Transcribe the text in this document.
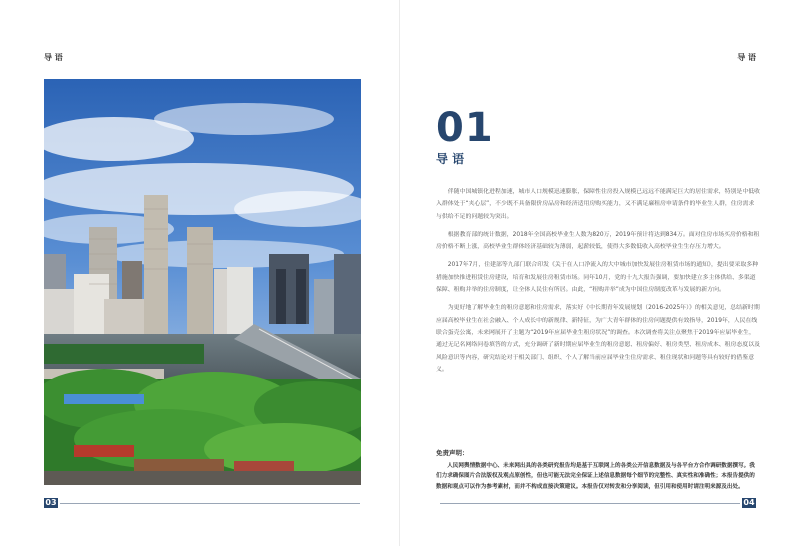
导 语
03
导 语
01
导 语

伴随中国城镇化进程加速，城市人口规模迅速膨胀，保障性住房投入规模已远远不能满足巨大的居住需求，特别是中低收入群体处于“夹心层”，不少既不具备限价房品房和经济适用房购买能力，又不满足廉租房申请条件的毕业生人群，住房需求与供给不足的问题较为突出。

根据教育部的统计数据，2018年全国高校毕业生人数为820万，2019年预计将达到834万。面对住房市场买房价格和租房价格不断上涨，高校毕业生群体经济基础较为薄弱，起薪较低，使得大多数低收入高校毕业生生存压力增大。

2017年7月，住建部等九部门联合印发《关于在人口净流入的大中城市加快发展住房租赁市场的通知》，提出要采取多种措施加快推进租赁住房建设，培育和发展住房租赁市场。同年10月，党的十九大报告强调，要加快建立多主体供给、多渠道保障、租购并举的住房制度，让全体人民住有所居。由此，“租购并举”成为中国住房制度改革与发展的新方向。

为更好地了解毕业生的租房意愿和住房需求，落实好《中长期青年发展规划（2016-2025年）》的相关意见，总结新时期应届高校毕业生在社会融入、个人成长中的新规律、新特征，为广大青年群体的住房问题提供有效指导，2019年，人民在线联合蛋壳公寓，未来网展开了主题为“2019年应届毕业生租房状况”的调查。本次调查将关注点聚焦于2019年应届毕业生，通过无记名网络问卷填答的方式，充分调研了新时期应届毕业生的租房意愿、租房偏好、租房类型、租房成本、租房态度以及风险意识等内容，研究结论对于相关部门、组织、个人了解当前应届毕业生住房需求、租住现状和问题等具有较好的借鉴意义。

免责声明：
人民网舆情数据中心、未来网出具的各类研究报告均是基于互联网上的各类公开信息数据及与各平台方合作调研数据撰写。我们力求确保图片合法版权及观点原创性，但也可能无法完全保证上述信息数据每个细节的完整性、真实性和准确性；本报告提供的数据和观点可以作为参考素材，而并不构成直接决策建议。本报告仅对转发和分享阅读，但引用和使用时请注明来源及出处。
04
